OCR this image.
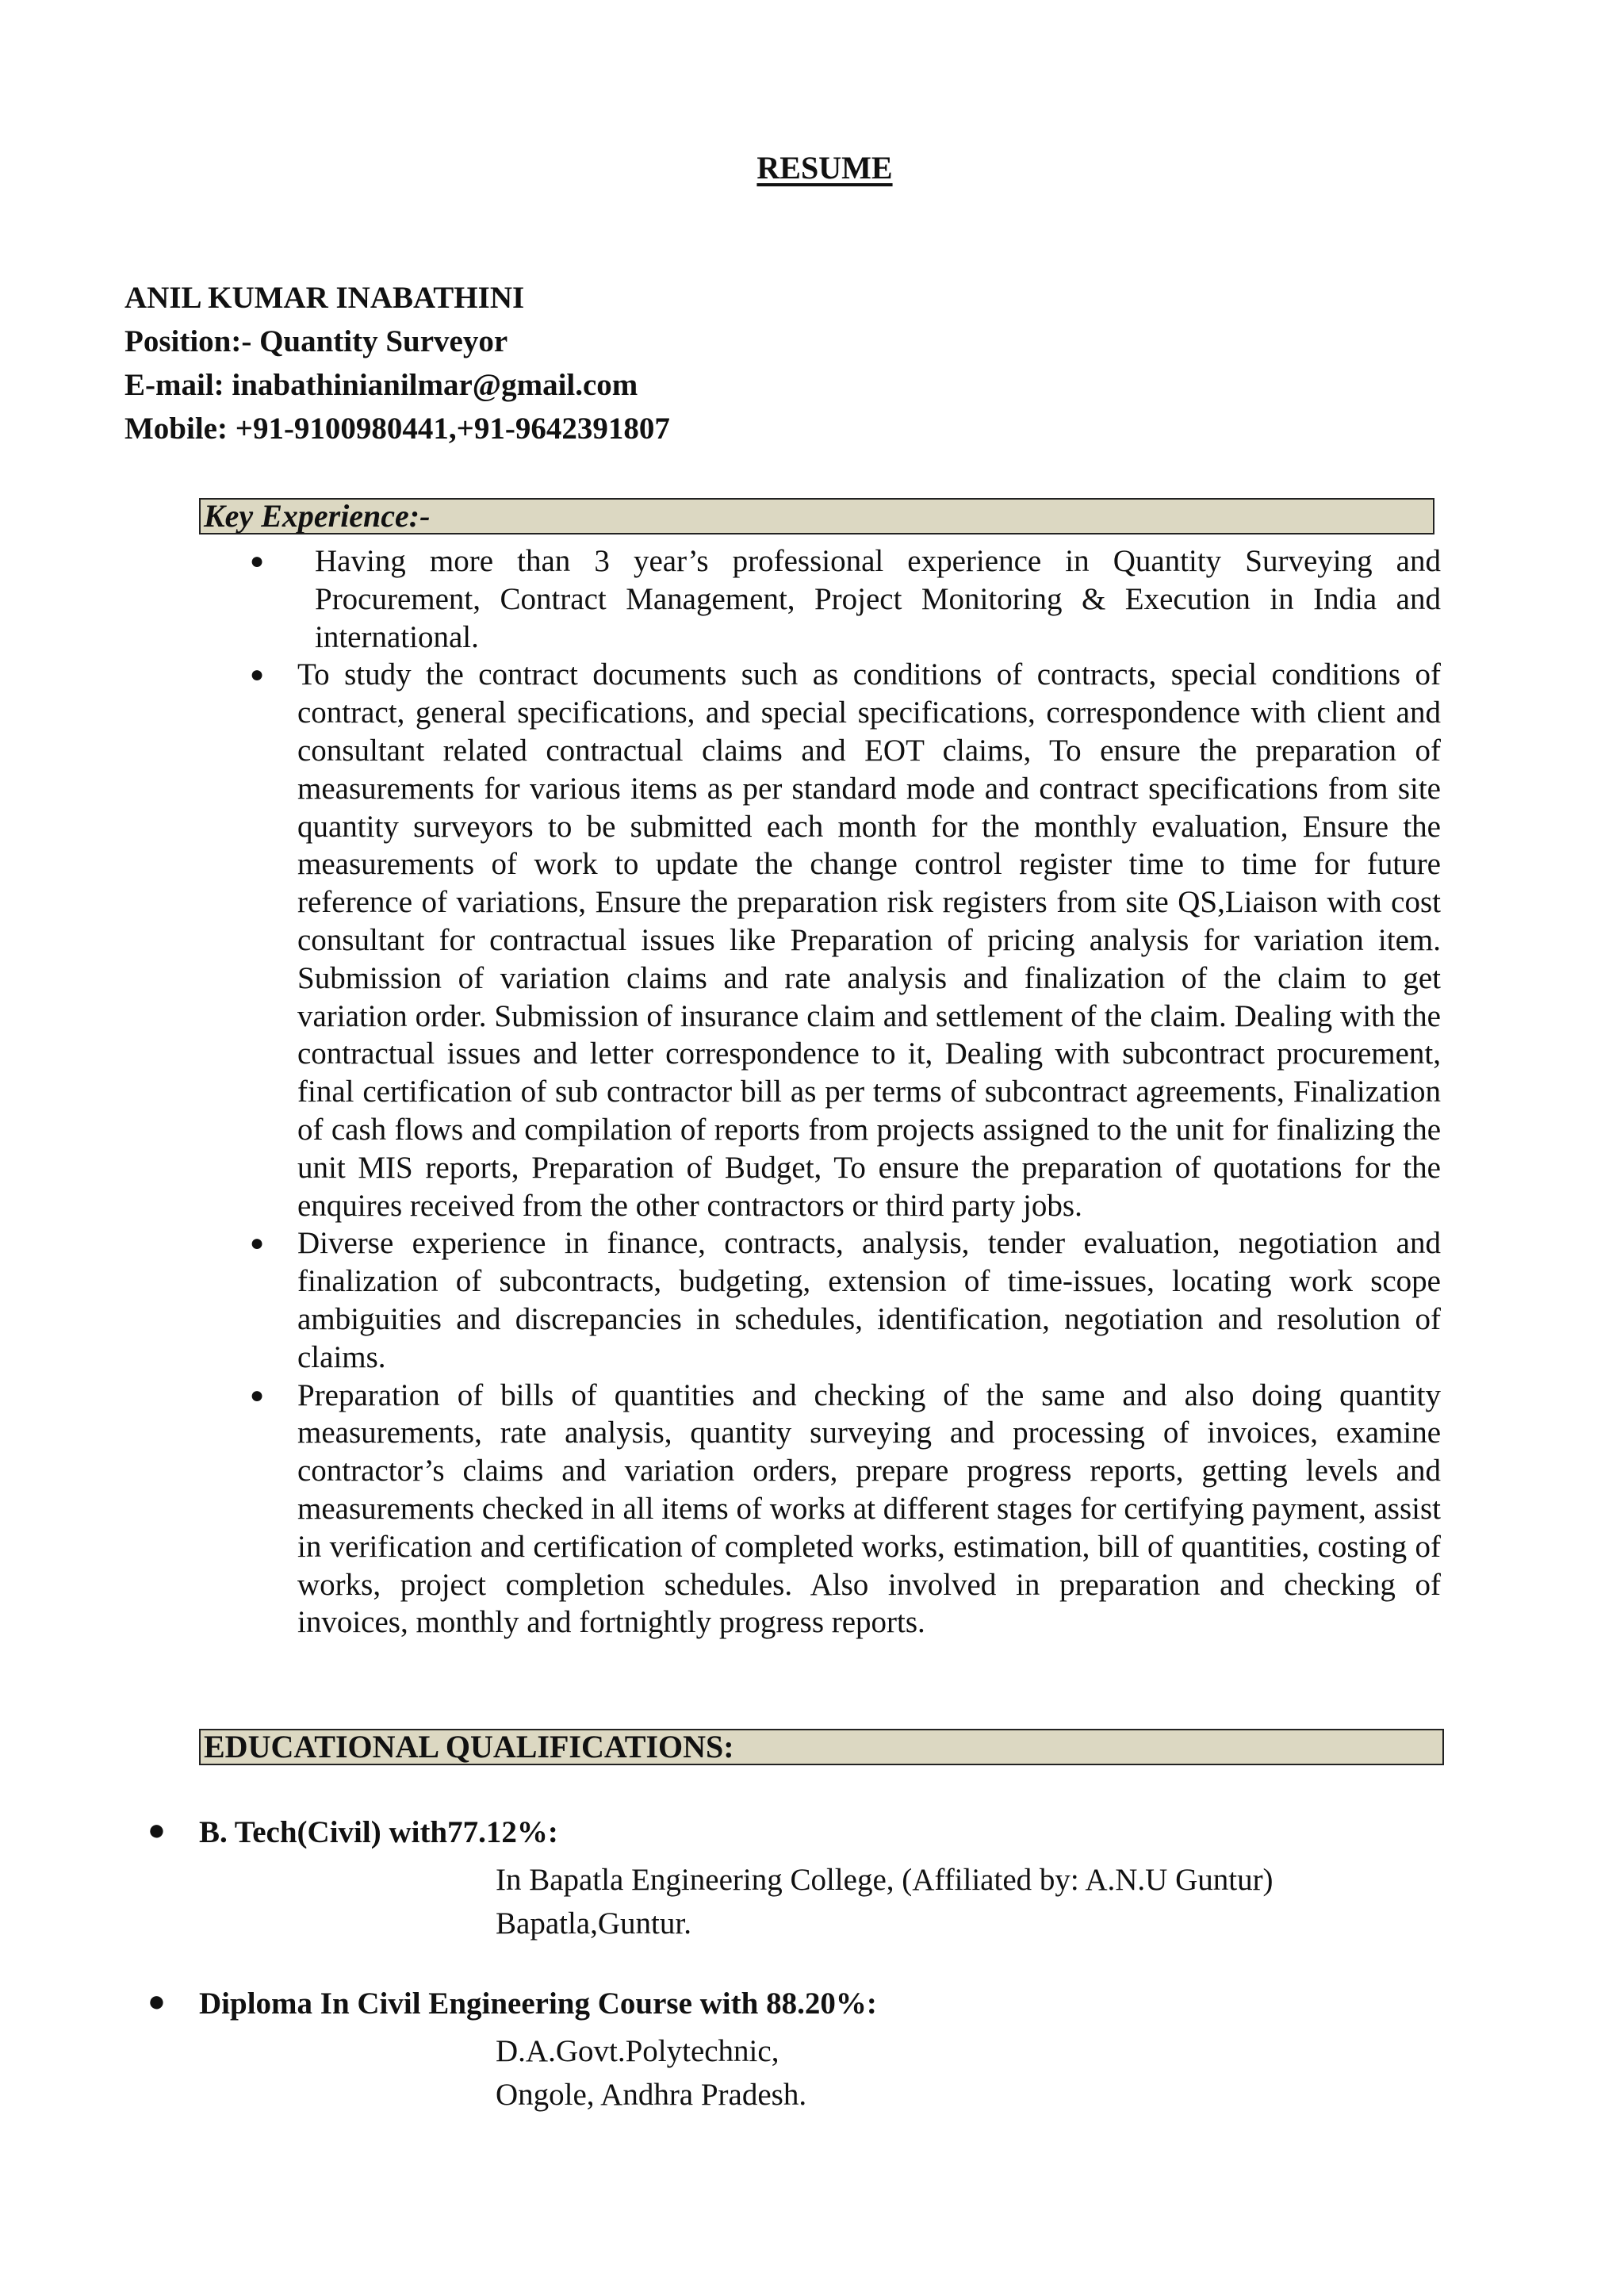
RESUME
ANIL KUMAR INABATHINI
Position:- Quantity Surveyor
E-mail: inabathinianilmar@gmail.com
Mobile: +91-9100980441,+91-9642391807
Key Experience:-
●	Having more than 3 year’s professional experience in Quantity Surveying and Procurement, Contract Management, Project Monitoring & Execution in India and international.
● To study the contract documents such as conditions of contracts, special conditions of contract, general specifications, and special specifications, correspondence with client and consultant related contractual claims and EOT claims, To ensure the preparation of measurements for various items as per standard mode and contract specifications from site quantity surveyors to be submitted each month for the monthly evaluation, Ensure the measurements of work to update the change control register time to time for future reference of variations, Ensure the preparation risk registers from site QS,Liaison with cost consultant for contractual issues like Preparation of pricing analysis for variation item. Submission of variation claims and rate analysis and finalization of the claim to get variation order. Submission of insurance claim and settlement of the claim. Dealing with the contractual issues and letter correspondence to it, Dealing with subcontract procurement, final certification of sub contractor bill as per terms of subcontract agreements, Finalization of cash flows and compilation of reports from projects assigned to the unit for finalizing the unit MIS reports, Preparation of Budget, To ensure the preparation of quotations for the enquires received from the other contractors or third party jobs.
● Diverse experience in finance, contracts, analysis, tender evaluation, negotiation and finalization of subcontracts, budgeting, extension of time-issues, locating work scope ambiguities and discrepancies in schedules, identification, negotiation and resolution of claims.
● Preparation of bills of quantities and checking of the same and also doing quantity measurements, rate analysis, quantity surveying and processing of invoices, examine contractor’s claims and variation orders, prepare progress reports, getting levels and measurements checked in all items of works at different stages for certifying payment, assist in verification and certification of completed works, estimation, bill of quantities, costing of works, project completion schedules. Also involved in preparation and checking of invoices, monthly and fortnightly progress reports.
EDUCATIONAL QUALIFICATIONS:
● B. Tech(Civil) with77.12%:
In Bapatla Engineering College, (Affiliated by: A.N.U Guntur)
Bapatla,Guntur.
● Diploma In Civil Engineering Course with 88.20%:
D.A.Govt.Polytechnic,
Ongole, Andhra Pradesh.
